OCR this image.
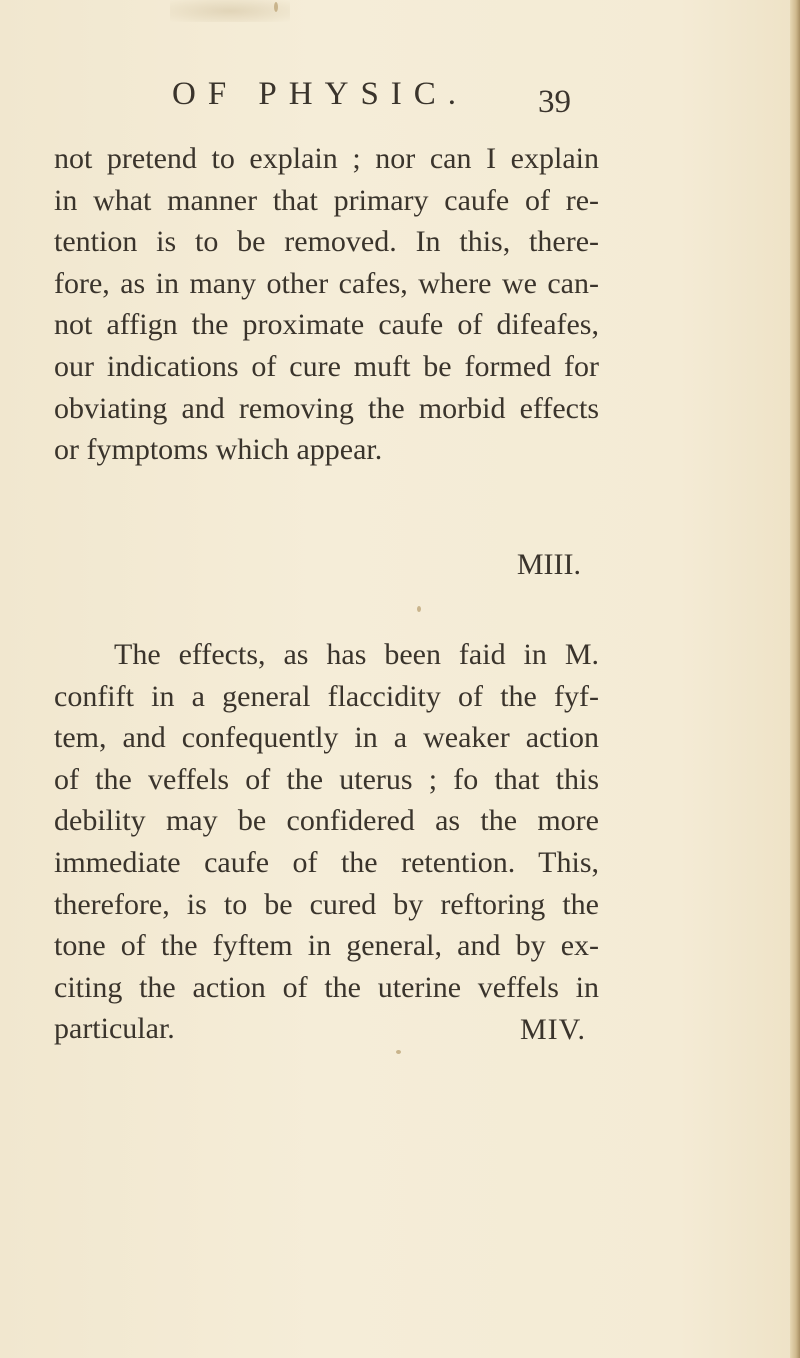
OF PHYSIC. 39
not pretend to explain ; nor can I explain
in what manner that primary caufe of re-
tention is to be removed. In this, there-
fore, as in many other cafes, where we can-
not affign the proximate caufe of difeafes,
our indications of cure muft be formed for
obviating and removing the morbid effects
or fymptoms which appear.
MIII.
The effects, as has been faid in M.
confift in a general flaccidity of the fyf-
tem, and confequently in a weaker action
of the veffels of the uterus ; fo that this
debility may be confidered as the more
immediate caufe of the retention. This,
therefore, is to be cured by reftoring the
tone of the fyftem in general, and by ex-
citing the action of the uterine veffels in
particular.	MIV.
